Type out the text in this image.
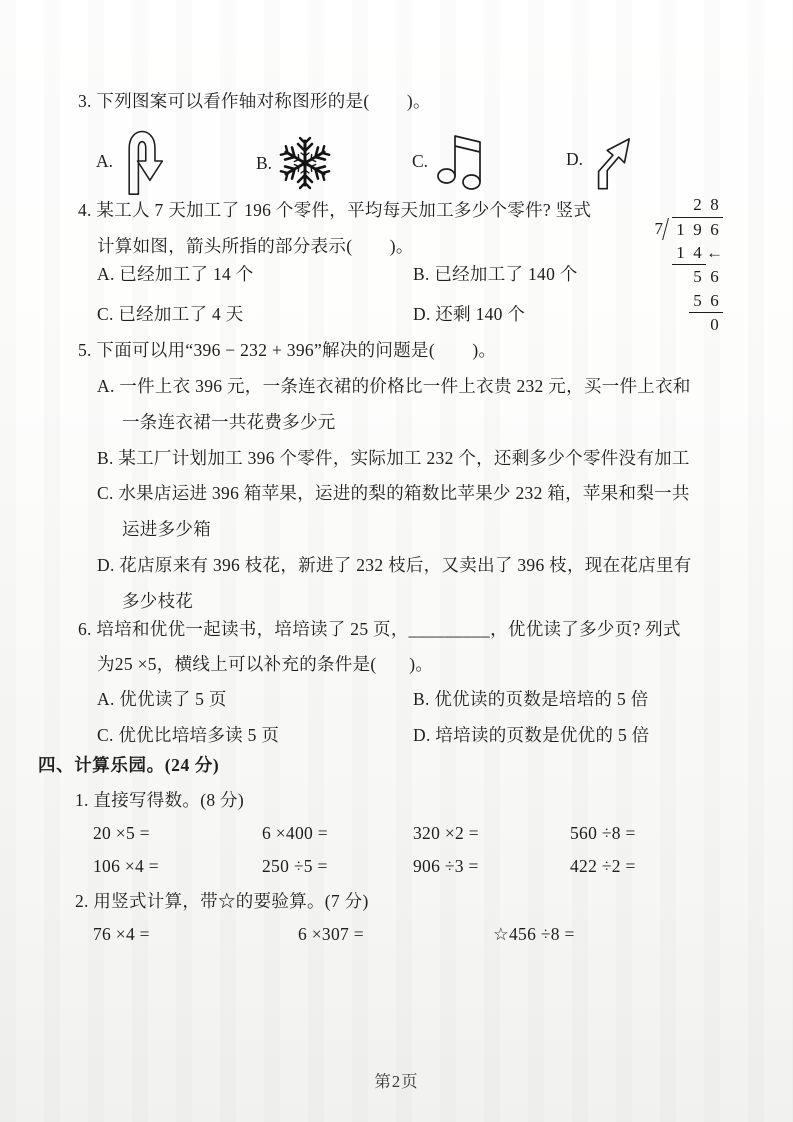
3. 下列图案可以看作轴对称图形的是(        )。
A.	B.	C.	D.
4. 某工人 7 天加工了 196 个零件，平均每天加工多少个零件? 竖式
计算如图，箭头所指的部分表示(        )。
A. 已经加工了 14 个	B. 已经加工了 140 个
C. 已经加工了 4 天	D. 还剩 140 个
2 8
7 1 9 6
1 4 ←
5 6
5 6
0
5. 下面可以用“396 − 232 + 396”解决的问题是(        )。
A. 一件上衣 396 元，一条连衣裙的价格比一件上衣贵 232 元，买一件上衣和
一条连衣裙一共花费多少元
B. 某工厂计划加工 396 个零件，实际加工 232 个，还剩多少个零件没有加工
C. 水果店运进 396 箱苹果，运进的梨的箱数比苹果少 232 箱，苹果和梨一共
运进多少箱
D. 花店原来有 396 枝花，新进了 232 枝后，又卖出了 396 枝，现在花店里有
多少枝花
6. 培培和优优一起读书，培培读了 25 页，_________，优优读了多少页? 列式
为25 ×5，横线上可以补充的条件是(       )。
A. 优优读了 5 页	B. 优优读的页数是培培的 5 倍
C. 优优比培培多读 5 页	D. 培培读的页数是优优的 5 倍
四、计算乐园。(24 分)
1. 直接写得数。(8 分)
20 ×5 =	6 ×400 =	320 ×2 =	560 ÷8 =
106 ×4 =	250 ÷5 =	906 ÷3 =	422 ÷2 =
2. 用竖式计算，带☆的要验算。(7 分)
76 ×4 =	6 ×307 =	☆456 ÷8 =
第2页
